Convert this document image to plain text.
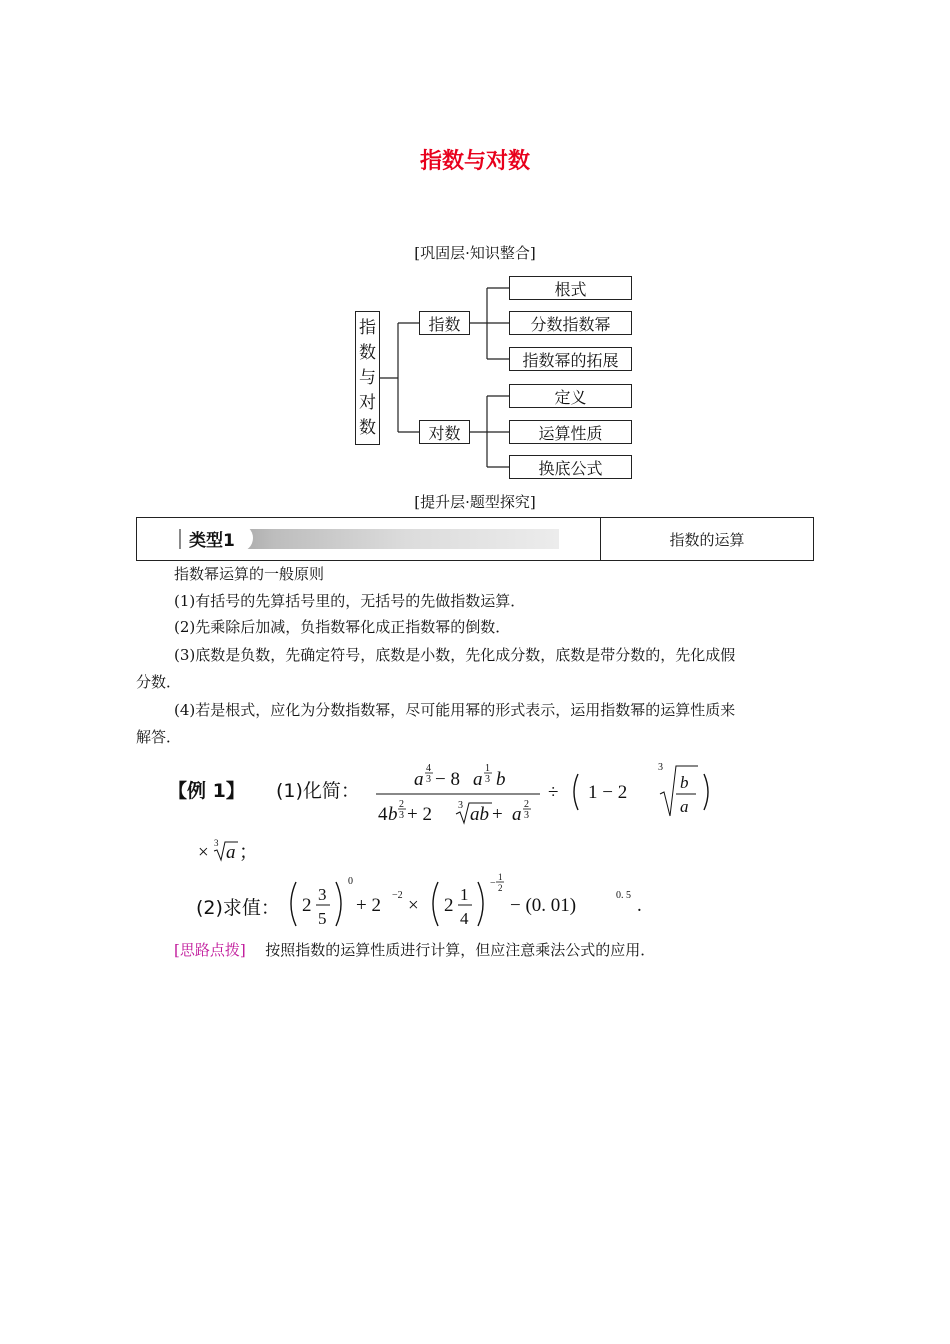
指数与对数
[巩固层·知识整合]
指
数
与
对
数
指数
对数
根式
分数指数幂
指数幂的拓展
定义
运算性质
换底公式
[提升层·题型探究]
类型1	指数的运算
指数幂运算的一般原则
(1)有括号的先算括号里的，无括号的先做指数运算．
(2)先乘除后加减，负指数幂化成正指数幂的倒数．
(3)底数是负数，先确定符号，底数是小数，先化成分数，底数是带分数的，先化成假
分数．
(4)若是根式，应化为分数指数幂，尽可能用幂的形式表示，运用指数幂的运算性质来
解答．
【例 1】 (1)化简：
a
4
3 − 8 a
1
3 b
4 b 2
3 + 2	3 ab + a 2
3
÷ 1 − 2
3
b
a
× 3 a ；
(2)求值： 2
3
5
0
+ 2 −2 × 2
1
4
−
1
2
− (0. 01)	0. 5 .
[思路点拨] 按照指数的运算性质进行计算，但应注意乘法公式的应用．
